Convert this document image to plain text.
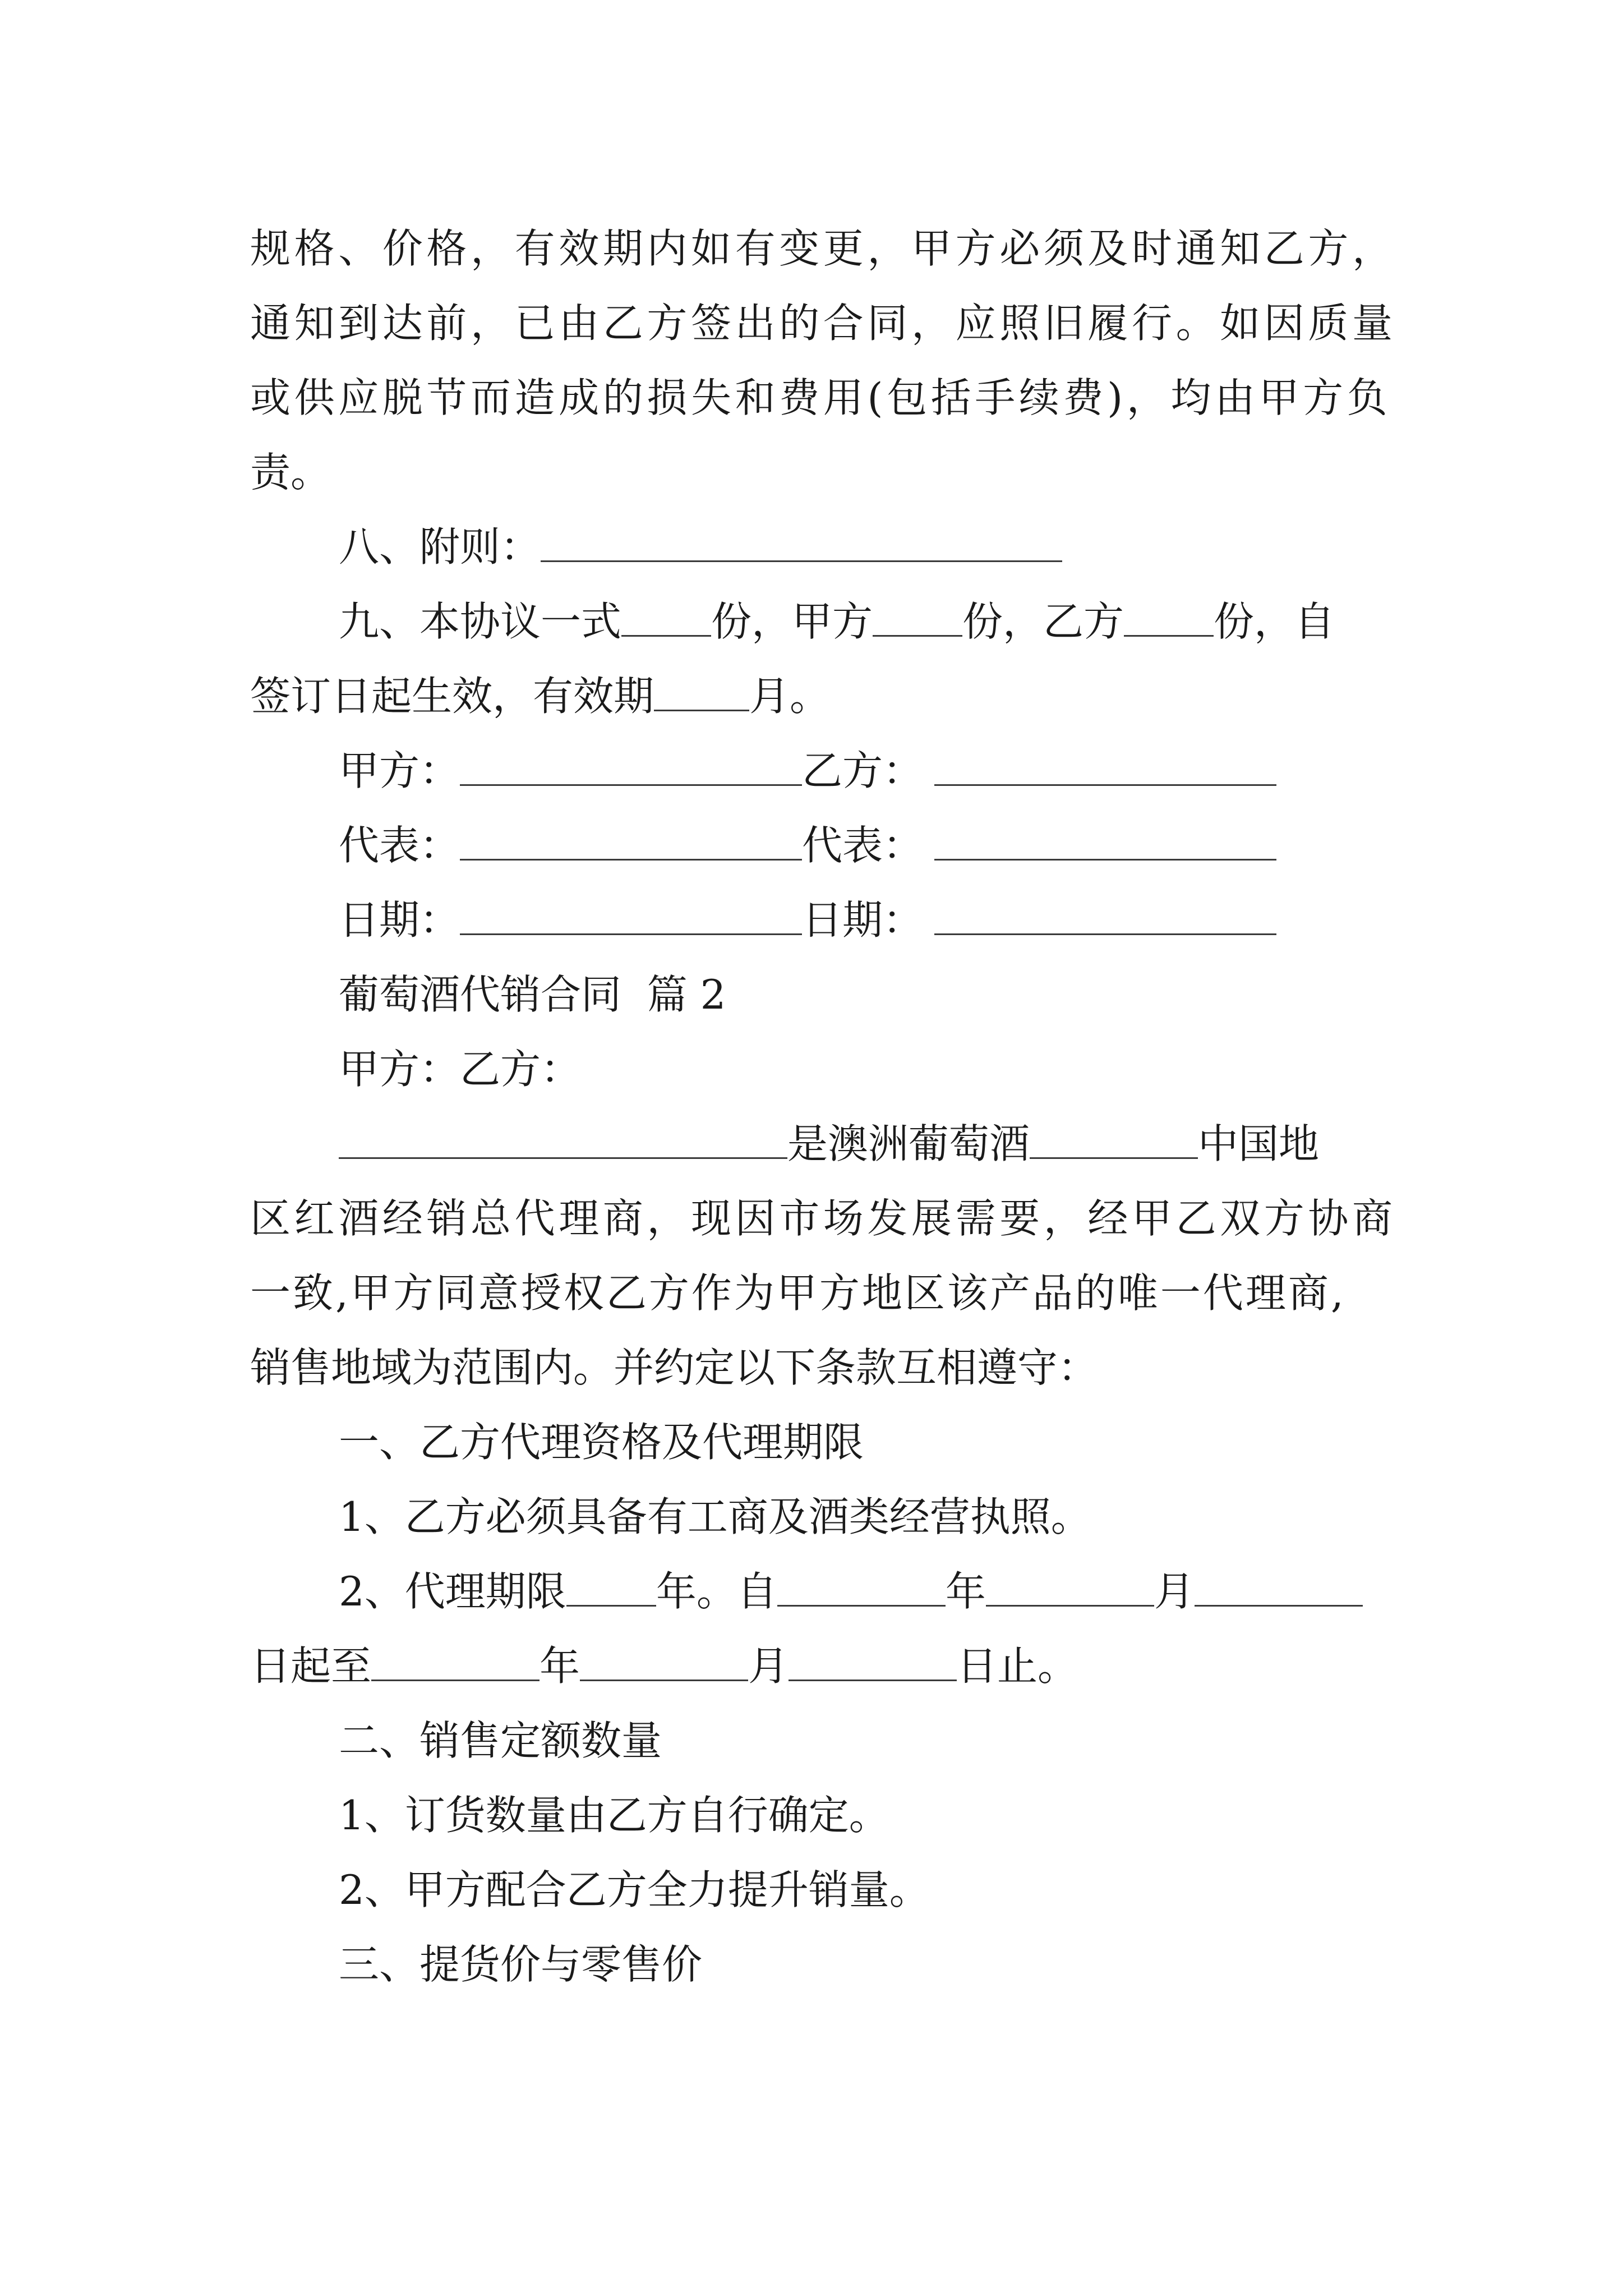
规格、价格，有效期内如有变更，甲方必须及时通知乙方，

通知到达前，已由乙方签出的合同，应照旧履行。如因质量

或供应脱节而造成的损失和费用(包括手续费)，均由甲方负

责。

八、附则：

九、本协议一式 份，甲方 份，乙方 份，自

签订日起生效，有效期 月。

甲方：	乙方：

代表：	代表：

日期：	日期：

葡萄酒代销合同  篇 2

甲方：乙方：

是澳洲葡萄酒	中国地

区红酒经销总代理商，现因市场发展需要，经甲乙双方协商

一致,甲方同意授权乙方作为甲方地区该产品的唯一代理商,

销售地域为范围内。并约定以下条款互相遵守：

一、乙方代理资格及代理期限

1、乙方必须具备有工商及酒类经营执照。

2、代理期限 年。自	年	月

日起至	年	月	日止。

二、销售定额数量

1、订货数量由乙方自行确定。

2、甲方配合乙方全力提升销量。

三、提货价与零售价
